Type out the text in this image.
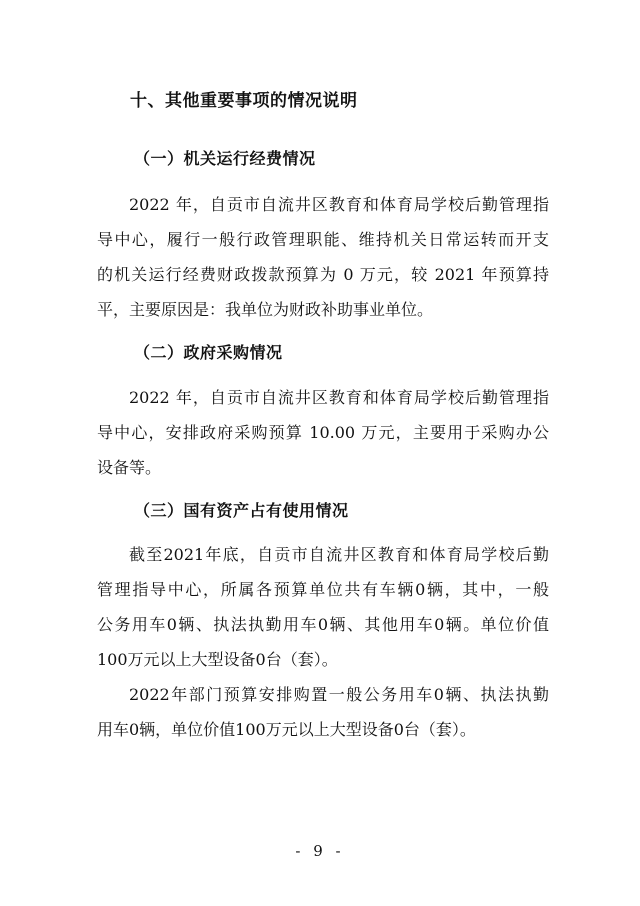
十、其他重要事项的情况说明
（一）机关运行经费情况
2022 年，自贡市自流井区教育和体育局学校后勤管理指
导中心，履行一般行政管理职能、维持机关日常运转而开支
的机关运行经费财政拨款预算为 0 万元，较 2021 年预算持
平，主要原因是：我单位为财政补助事业单位。
（二）政府采购情况
2022 年，自贡市自流井区教育和体育局学校后勤管理指
导中心，安排政府采购预算 10.00 万元，主要用于采购办公
设备等。
（三）国有资产占有使用情况
截至2021年底，自贡市自流井区教育和体育局学校后勤
管理指导中心，所属各预算单位共有车辆0辆，其中，一般
公务用车0辆、执法执勤用车0辆、其他用车0辆。单位价值
100万元以上大型设备0台（套）。
2022年部门预算安排购置一般公务用车0辆、执法执勤
用车0辆，单位价值100万元以上大型设备0台（套）。
- 9 -
